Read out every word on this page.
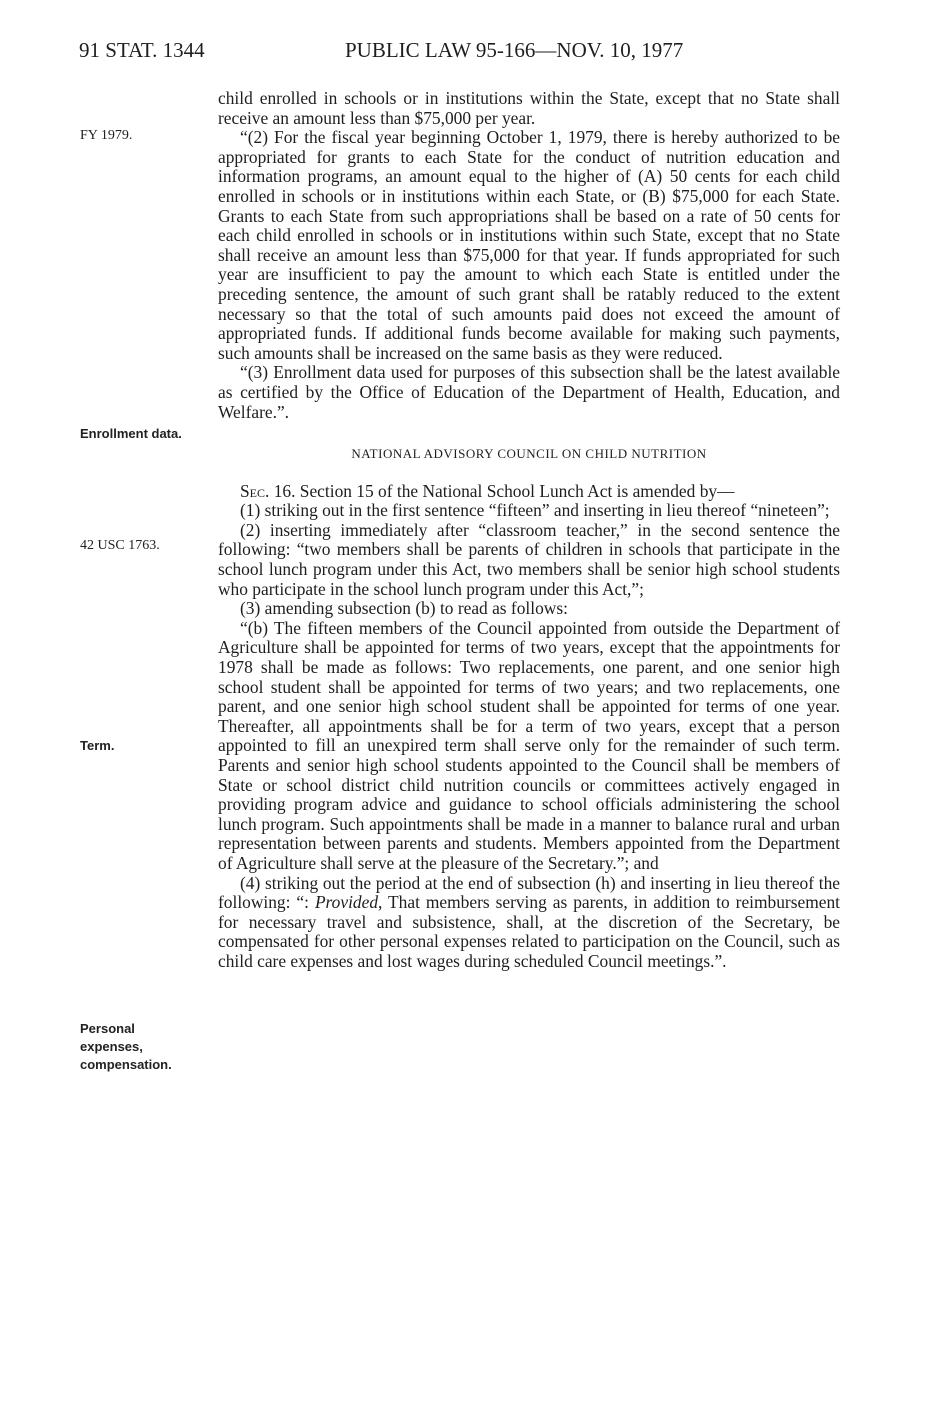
91 STAT. 1344	PUBLIC LAW 95-166—NOV. 10, 1977
FY 1979.
Enrollment data.
42 USC 1763.
Term.
Personal
expenses,
compensation.

child enrolled in schools or in institutions within the State, except that no State shall receive an amount less than $75,000 per year.

“(2) For the fiscal year beginning October 1, 1979, there is hereby authorized to be appropriated for grants to each State for the conduct of nutrition education and information programs, an amount equal to the higher of (A) 50 cents for each child enrolled in schools or in institutions within each State, or (B) $75,000 for each State. Grants to each State from such appropriations shall be based on a rate of 50 cents for each child enrolled in schools or in institutions within such State, except that no State shall receive an amount less than $75,000 for that year. If funds appropriated for such year are insufficient to pay the amount to which each State is entitled under the preceding sentence, the amount of such grant shall be ratably reduced to the extent necessary so that the total of such amounts paid does not exceed the amount of appropriated funds. If additional funds become available for making such payments, such amounts shall be increased on the same basis as they were reduced.

“(3) Enrollment data used for purposes of this subsection shall be the latest available as certified by the Office of Education of the Department of Health, Education, and Welfare.”.

NATIONAL ADVISORY COUNCIL ON CHILD NUTRITION

Sec. 16. Section 15 of the National School Lunch Act is amended by—

(1) striking out in the first sentence “fifteen” and inserting in lieu thereof “nineteen”;

(2) inserting immediately after “classroom teacher,” in the second sentence the following: “two members shall be parents of children in schools that participate in the school lunch program under this Act, two members shall be senior high school students who participate in the school lunch program under this Act,”;

(3) amending subsection (b) to read as follows:

“(b) The fifteen members of the Council appointed from outside the Department of Agriculture shall be appointed for terms of two years, except that the appointments for 1978 shall be made as follows: Two replacements, one parent, and one senior high school student shall be appointed for terms of two years; and two replacements, one parent, and one senior high school student shall be appointed for terms of one year. Thereafter, all appointments shall be for a term of two years, except that a person appointed to fill an unexpired term shall serve only for the remainder of such term. Parents and senior high school students appointed to the Council shall be members of State or school district child nutrition councils or committees actively engaged in providing program advice and guidance to school officials administering the school lunch program. Such appointments shall be made in a manner to balance rural and urban representation between parents and students. Members appointed from the Department of Agriculture shall serve at the pleasure of the Secretary.”; and

(4) striking out the period at the end of subsection (h) and inserting in lieu thereof the following: “: Provided, That members serving as parents, in addition to reimbursement for necessary travel and subsistence, shall, at the discretion of the Secretary, be compensated for other personal expenses related to participation on the Council, such as child care expenses and lost wages during scheduled Council meetings.”.
